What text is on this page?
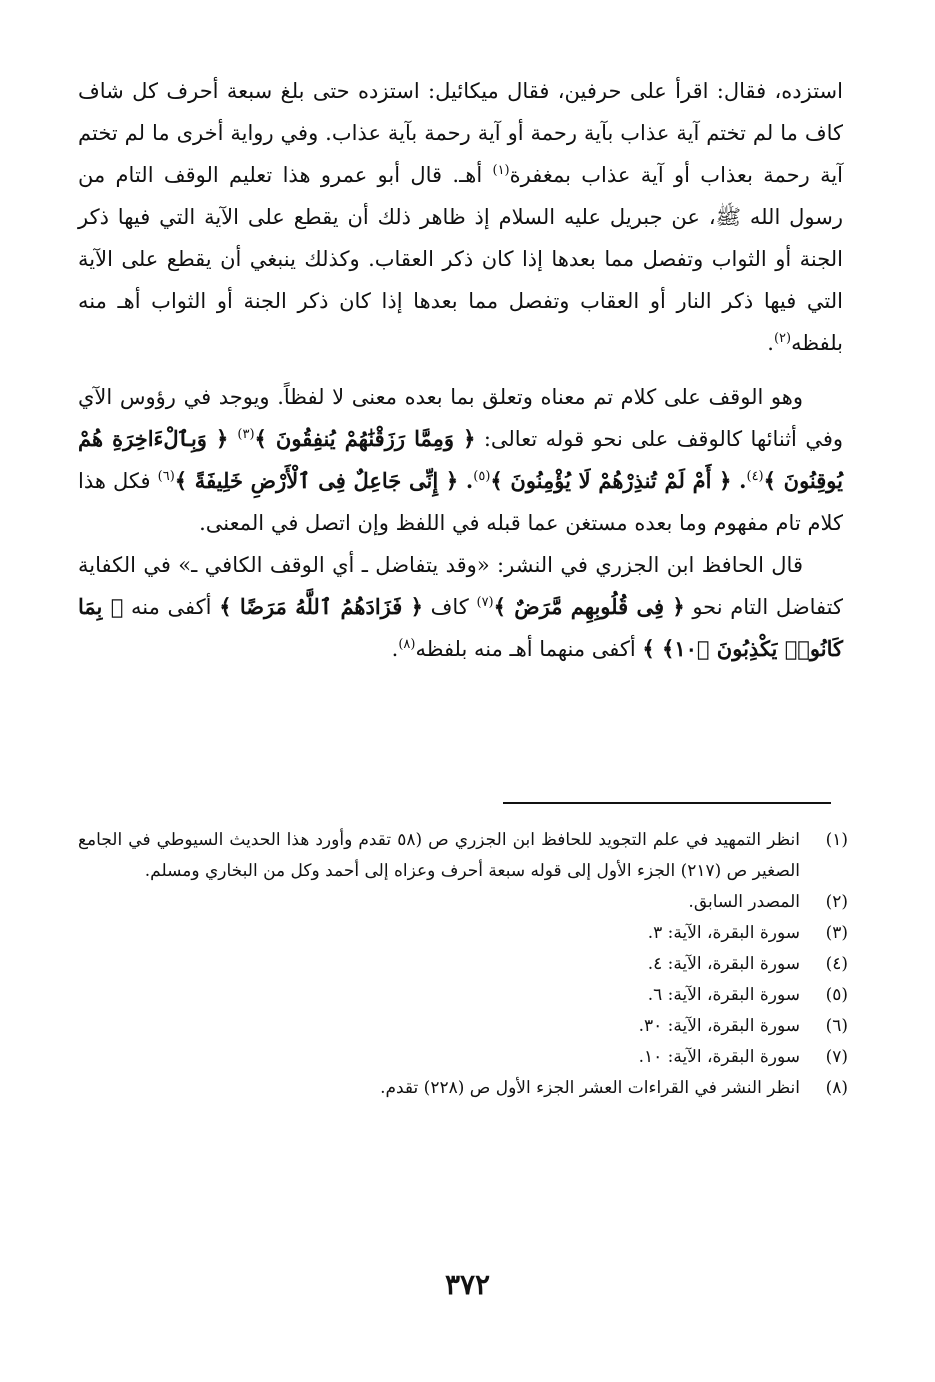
استزده، فقال: اقرأ على حرفين، فقال ميكائيل: استزده حتى بلغ سبعة أحرف كل شاف كاف ما لم تختم آية عذاب بآية رحمة أو آية رحمة بآية عذاب. وفي رواية أخرى ما لم تختم آية رحمة بعذاب أو آية عذاب بمغفرة$^{(١)}$ أهـ. قال أبو عمرو هذا تعليم الوقف التام من رسول الله ﷺ، عن جبريل عليه السلام إذ ظاهر ذلك أن يقطع على الآية التي فيها ذكر الجنة أو الثواب وتفصل مما بعدها إذا كان ذكر العقاب. وكذلك ينبغي أن يقطع على الآية التي فيها ذكر النار أو العقاب وتفصل مما بعدها إذا كان ذكر الجنة أو الثواب أهـ منه بلفظه$^{(٢)}$.

وهو الوقف على كلام تم معناه وتعلق بما بعده معنى لا لفظاً. ويوجد في رؤوس الآي وفي أثنائها كالوقف على نحو قوله تعالى: ﴿ وَمِمَّا رَزَقْنَٰهُمْ يُنفِقُونَ ﴾$^{(٣)}$ ﴿ وَبِٱلْءَاخِرَةِ هُمْ يُوقِنُونَ ﴾$^{(٤)}$. ﴿ أَمْ لَمْ تُنذِرْهُمْ لَا يُؤْمِنُونَ ﴾$^{(٥)}$. ﴿ إِنِّى جَاعِلٌ فِى ٱلْأَرْضِ خَلِيفَةً ﴾$^{(٦)}$ فكل هذا كلام تام مفهوم وما بعده مستغن عما قبله في اللفظ وإن اتصل في المعنى.

قال الحافظ ابن الجزري في النشر: «وقد يتفاضل ـ أي الوقف الكافي ـ» في الكفاية كتفاضل التام نحو ﴿ فِى قُلُوبِهِم مَّرَضٌ ﴾$^{(٧)}$ كاف ﴿ فَزَادَهُمُ ٱللَّهُ مَرَضًا ﴾ أكفى منه ﴿ بِمَا كَانُوا۟ يَكْذِبُونَ ﴿١٠﴾ ﴾ أكفى منهما أهـ منه بلفظه$^{(٨)}$.

(١)
انظر التمهيد في علم التجويد للحافظ ابن الجزري ص (٥٨ تقدم وأورد هذا الحديث السيوطي في الجامع الصغير ص (٢١٧) الجزء الأول إلى قوله سبعة أحرف وعزاه إلى أحمد وكل من البخاري ومسلم.
(٢)
المصدر السابق.
(٣)
سورة البقرة، الآية: ٣.
(٤)
سورة البقرة، الآية: ٤.
(٥)
سورة البقرة، الآية: ٦.
(٦)
سورة البقرة، الآية: ٣٠.
(٧)
سورة البقرة، الآية: ١٠.
(٨)
انظر النشر في القراءات العشر الجزء الأول ص (٢٢٨) تقدم.
٣٧٢
